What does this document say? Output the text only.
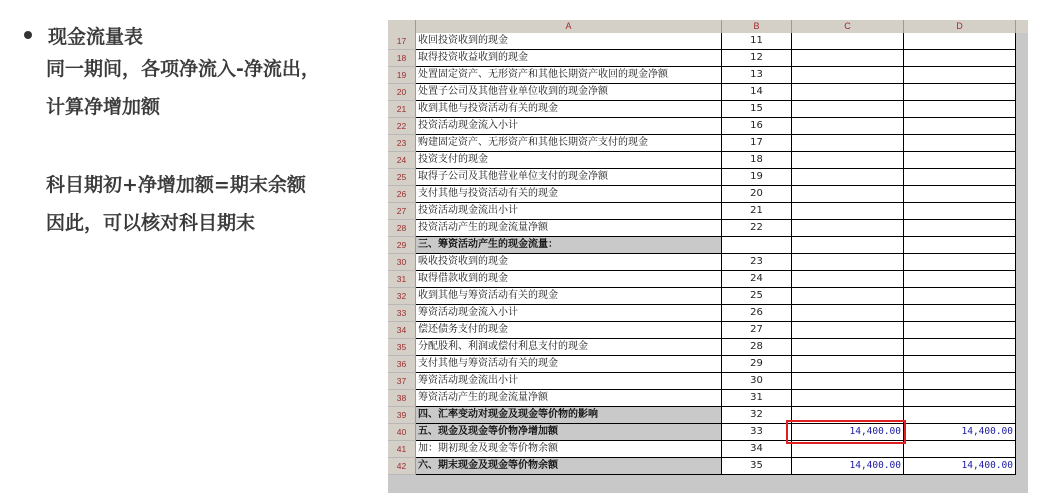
现金流量表
同一期间，各项净流入-净流出，
计算净增加额
科目期初+净增加额=期末余额
因此，可以核对科目期末
A	B	C	D
17	收回投资收到的现金	11
18	取得投资收益收到的现金	12
19	处置固定资产、无形资产和其他长期资产收回的现金净额	13
20	处置子公司及其他营业单位收到的现金净额	14
21	收到其他与投资活动有关的现金	15
22	投资活动现金流入小计	16
23	购建固定资产、无形资产和其他长期资产支付的现金	17
24	投资支付的现金	18
25	取得子公司及其他营业单位支付的现金净额	19
26	支付其他与投资活动有关的现金	20
27	投资活动现金流出小计	21
28	投资活动产生的现金流量净额	22
29	三、筹资活动产生的现金流量：
30	吸收投资收到的现金	23
31	取得借款收到的现金	24
32	收到其他与筹资活动有关的现金	25
33	筹资活动现金流入小计	26
34	偿还债务支付的现金	27
35	分配股利、利润或偿付利息支付的现金	28
36	支付其他与筹资活动有关的现金	29
37	筹资活动现金流出小计	30
38	筹资活动产生的现金流量净额	31
39	四、汇率变动对现金及现金等价物的影响	32
40	五、现金及现金等价物净增加额	33	14,400.00	14,400.00
41	加：期初现金及现金等价物余额	34
42	六、期末现金及现金等价物余额	35	14,400.00	14,400.00
